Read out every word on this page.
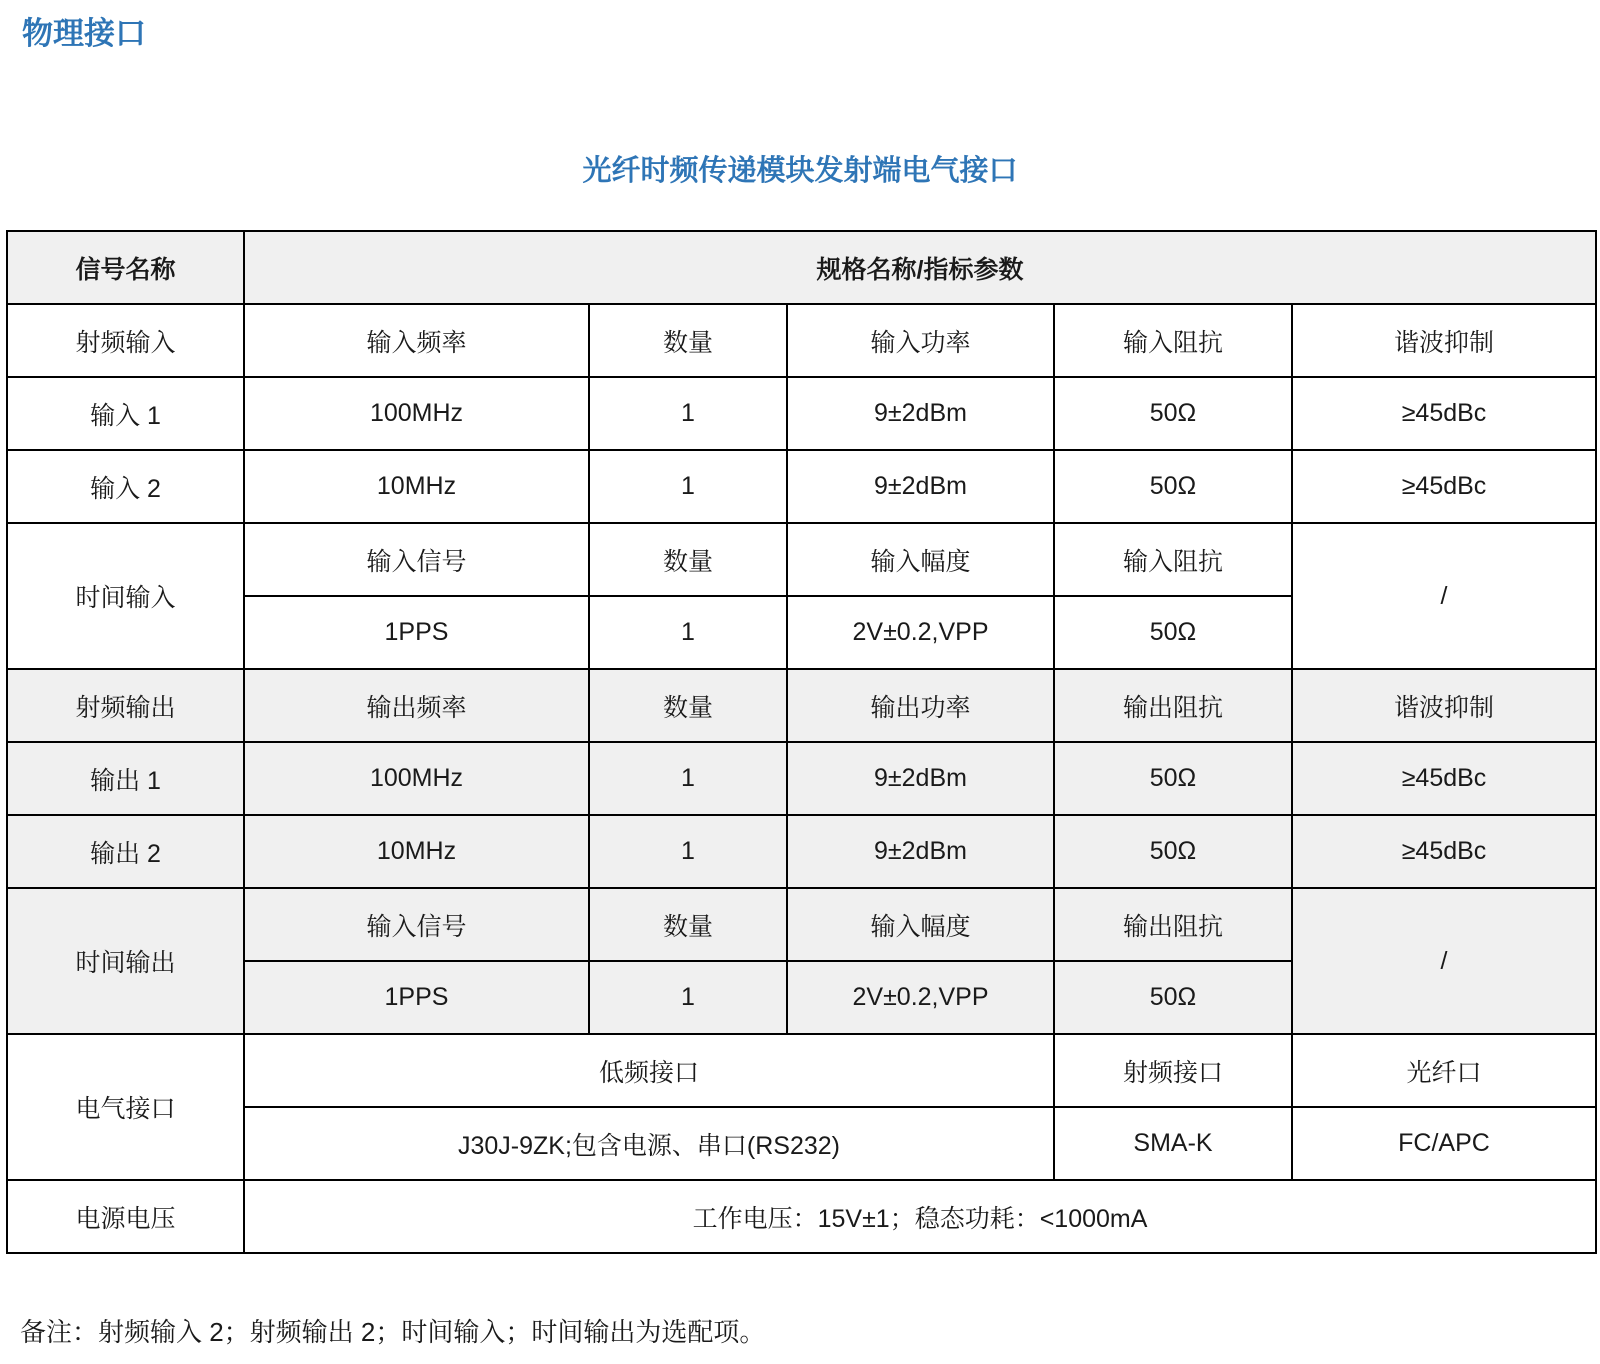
物理接口
光纤时频传递模块发射端电气接口
信号名称	规格名称/指标参数				
射频输入	输入频率	数量	输入功率	输入阻抗	谐波抑制
输入 1	100MHz	1	9±2dBm	50Ω	≥45dBc
输入 2	10MHz	1	9±2dBm	50Ω	≥45dBc
时间输入	输入信号	数量	输入幅度	输入阻抗	/
	1PPS	1	2V±0.2,VPP	50Ω	
射频输出	输出频率	数量	输出功率	输出阻抗	谐波抑制
输出 1	100MHz	1	9±2dBm	50Ω	≥45dBc
输出 2	10MHz	1	9±2dBm	50Ω	≥45dBc
时间输出	输入信号	数量	输入幅度	输出阻抗	/
	1PPS	1	2V±0.2,VPP	50Ω	
电气接口	低频接口			射频接口	光纤口
	J30J-9ZK;包含电源、串口(RS232)			SMA-K	FC/APC
电源电压	工作电压：15V±1；稳态功耗：<1000mA				
备注：射频输入 2；射频输出 2；时间输入；时间输出为选配项。
